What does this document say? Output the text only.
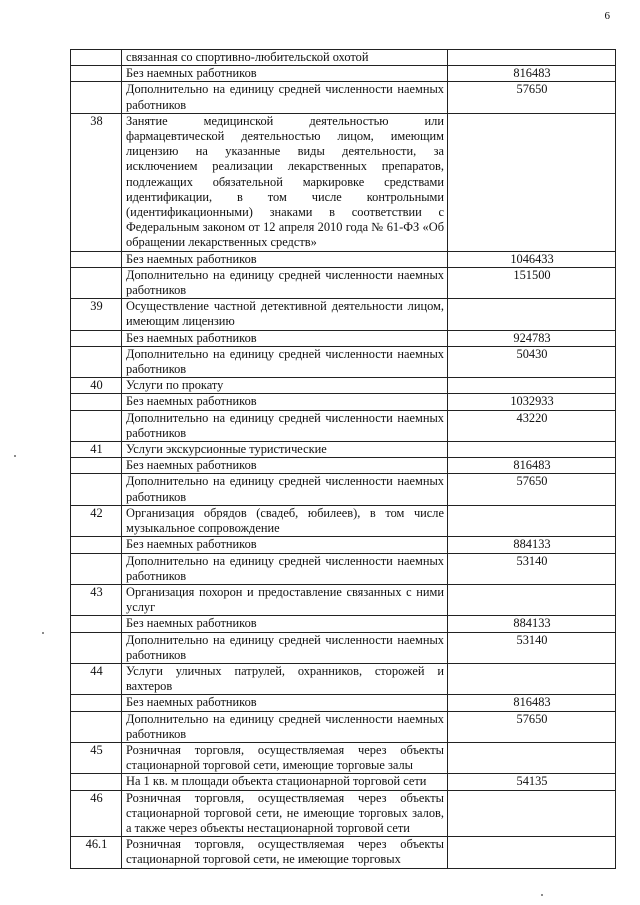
6
	связанная со спортивно-любительской охотой	
	Без наемных работников	816483
	Дополнительно на единицу средней численности наемных работников	57650
38	Занятие медицинской деятельностью или фармацевтической деятельностью лицом, имеющим лицензию на указанные виды деятельности, за исключением реализации лекарственных препаратов, подлежащих обязательной маркировке средствами идентификации, в том числе контрольными (идентификационными) знаками в соответствии с Федеральным законом от 12 апреля 2010 года № 61-ФЗ «Об обращении лекарственных средств»	
	Без наемных работников	1046433
	Дополнительно на единицу средней численности наемных работников	151500
39	Осуществление частной детективной деятельности лицом, имеющим лицензию	
	Без наемных работников	924783
	Дополнительно на единицу средней численности наемных работников	50430
40	Услуги по прокату	
	Без наемных работников	1032933
	Дополнительно на единицу средней численности наемных работников	43220
41	Услуги экскурсионные туристические	
	Без наемных работников	816483
	Дополнительно на единицу средней численности наемных работников	57650
42	Организация обрядов (свадеб, юбилеев), в том числе музыкальное сопровождение	
	Без наемных работников	884133
	Дополнительно на единицу средней численности наемных работников	53140
43	Организация похорон и предоставление связанных с ними услуг	
	Без наемных работников	884133
	Дополнительно на единицу средней численности наемных работников	53140
44	Услуги уличных патрулей, охранников, сторожей и вахтеров	
	Без наемных работников	816483
	Дополнительно на единицу средней численности наемных работников	57650
45	Розничная торговля, осуществляемая через объекты стационарной торговой сети, имеющие торговые залы	
	На 1 кв. м площади объекта стационарной торговой сети	54135
46	Розничная торговля, осуществляемая через объекты стационарной торговой сети, не имеющие торговых залов, а также через объекты нестационарной торговой сети	
46.1	Розничная торговля, осуществляемая через объекты стационарной торговой сети, не имеющие торговых	
